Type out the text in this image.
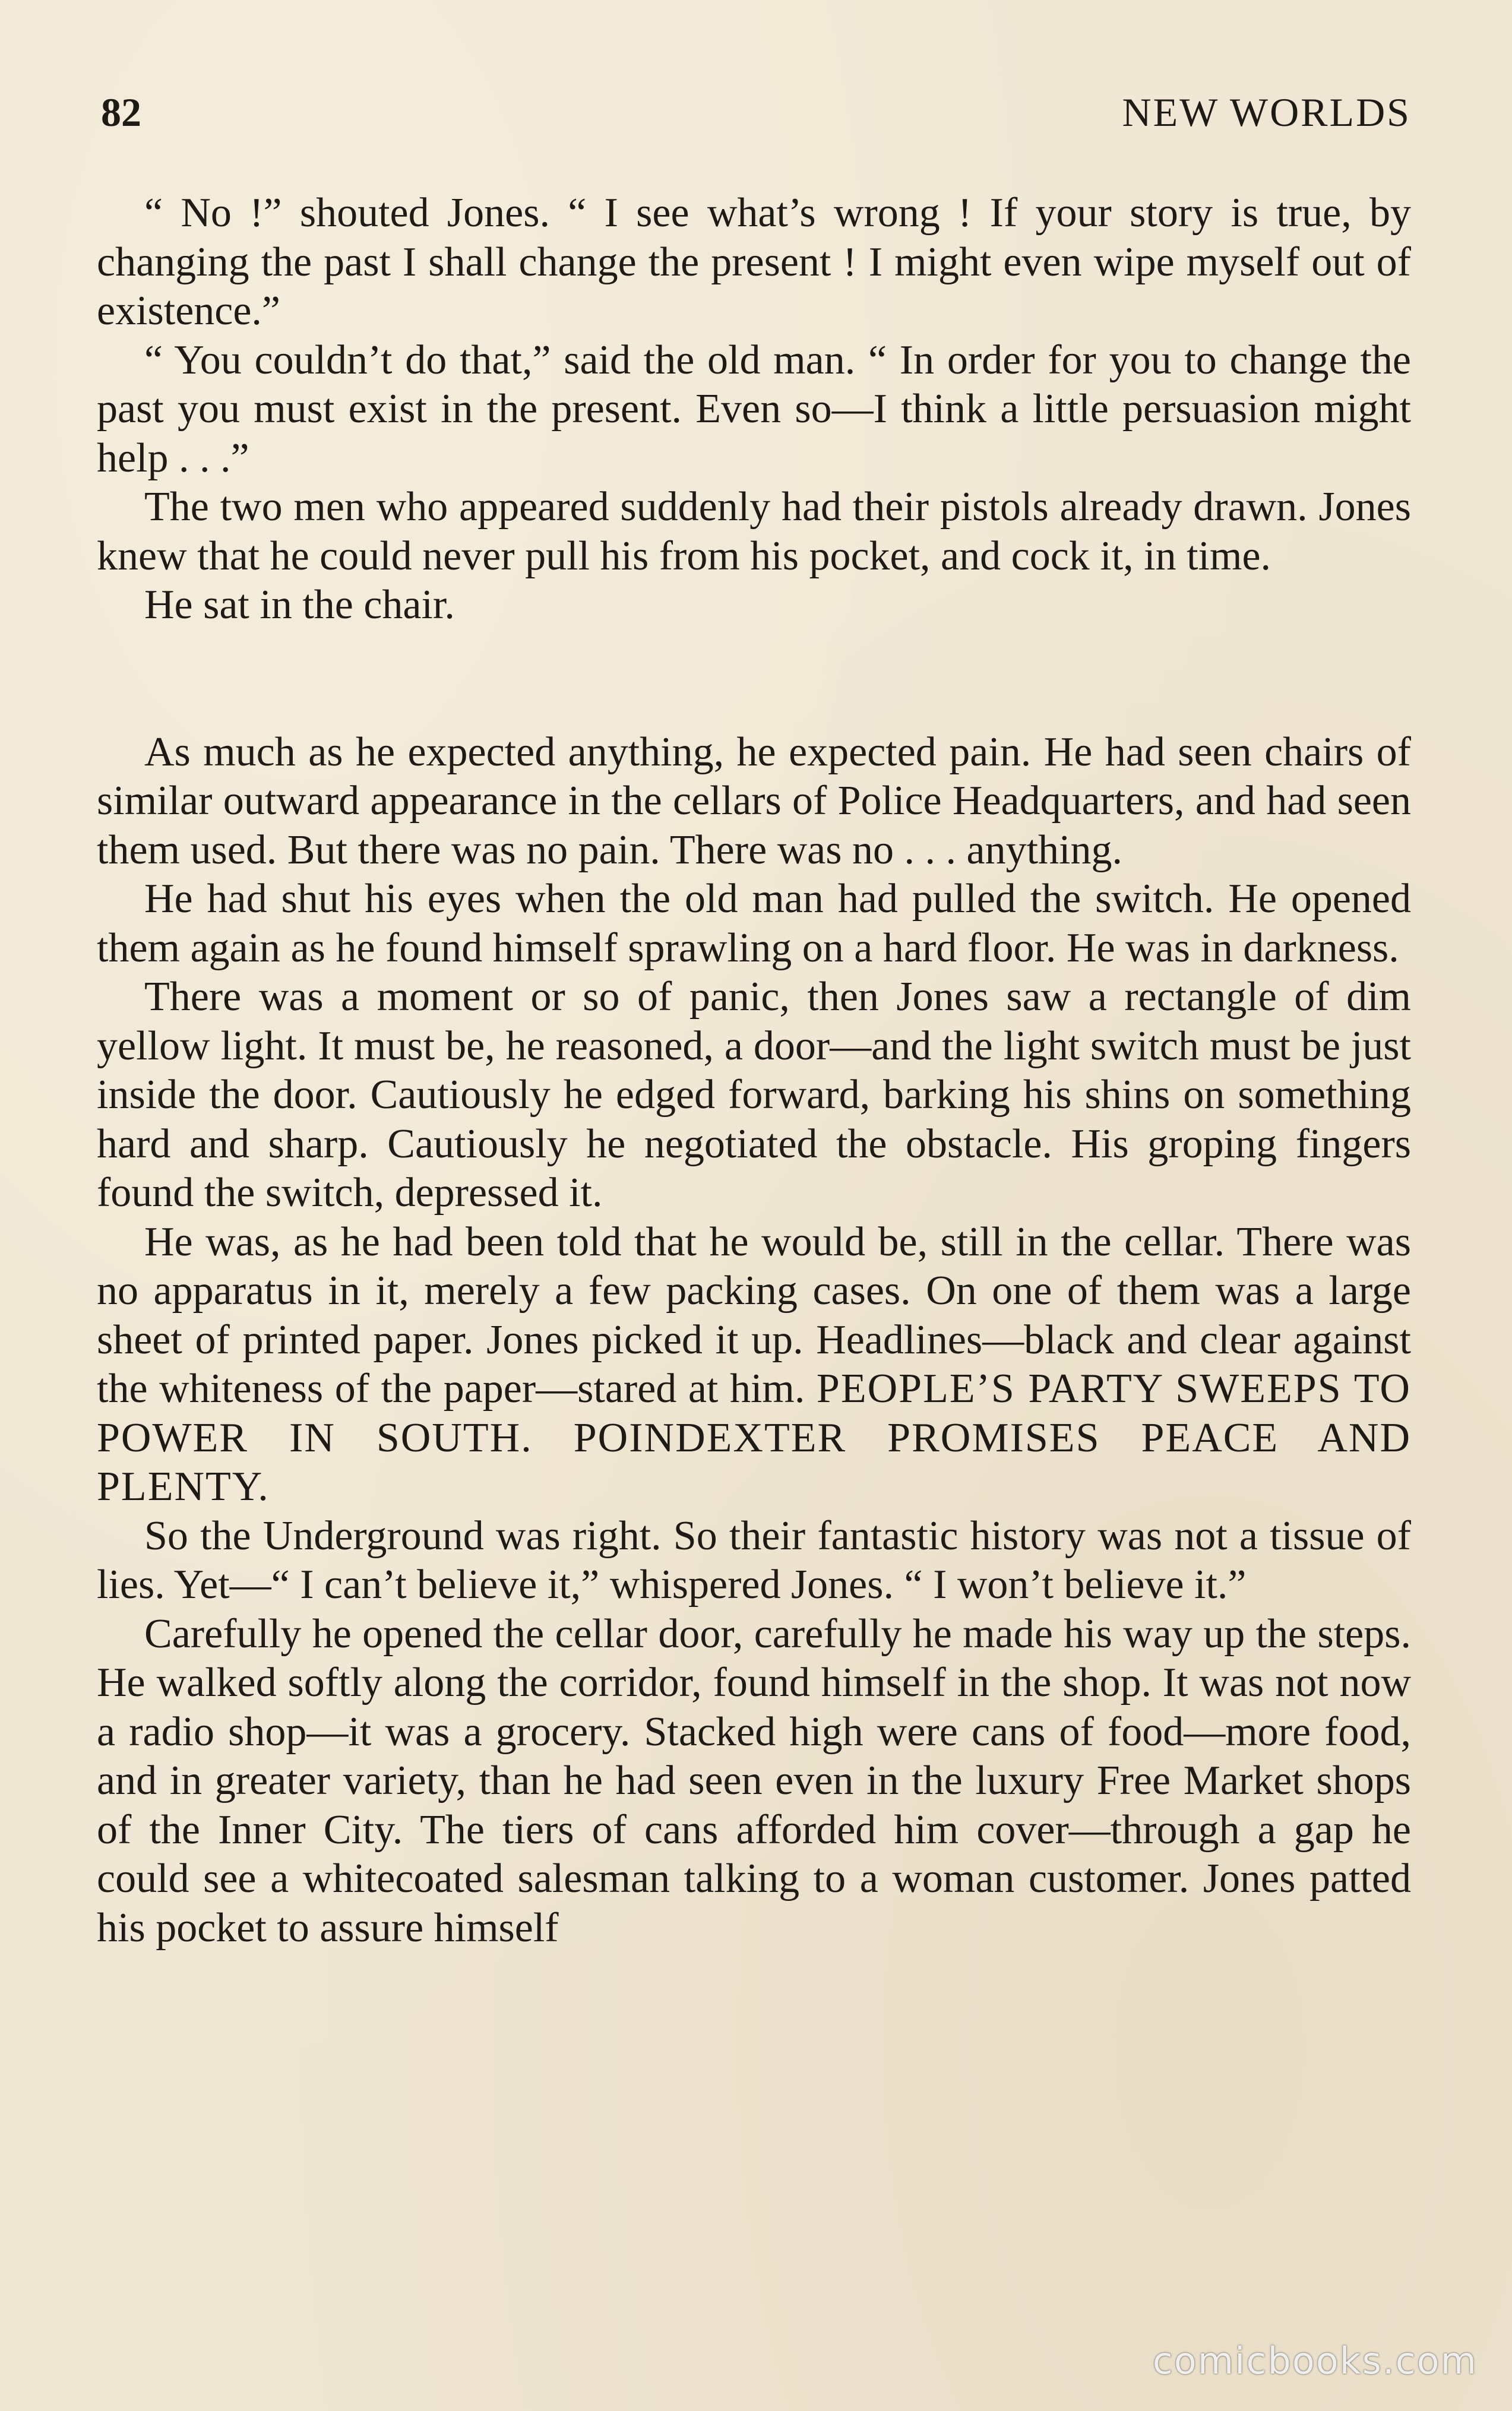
82	NEW WORLDS

“ No !” shouted Jones. “ I see what’s wrong ! If your story is true, by changing the past I shall change the present ! I might even wipe myself out of existence.”

“ You couldn’t do that,” said the old man. “ In order for you to change the past you must exist in the present. Even so—I think a little persuasion might help . . .”

The two men who appeared suddenly had their pistols already drawn. Jones knew that he could never pull his from his pocket, and cock it, in time.

He sat in the chair.

As much as he expected anything, he expected pain. He had seen chairs of similar outward appearance in the cellars of Police Headquarters, and had seen them used. But there was no pain. There was no . . . anything.

He had shut his eyes when the old man had pulled the switch. He opened them again as he found himself sprawling on a hard floor. He was in darkness.

There was a moment or so of panic, then Jones saw a rectangle of dim yellow light. It must be, he reasoned, a door—and the light switch must be just inside the door. Cautiously he edged forward, barking his shins on something hard and sharp. Cautiously he negotiated the obstacle. His groping fingers found the switch, depressed it.

He was, as he had been told that he would be, still in the cellar. There was no apparatus in it, merely a few packing cases. On one of them was a large sheet of printed paper. Jones picked it up. Headlines—black and clear against the whiteness of the paper—stared at him. PEOPLE’S PARTY SWEEPS TO POWER IN SOUTH. POINDEXTER PROMISES PEACE AND PLENTY.

So the Underground was right. So their fantastic history was not a tissue of lies. Yet—“ I can’t believe it,” whispered Jones. “ I won’t believe it.”

Carefully he opened the cellar door, carefully he made his way up the steps. He walked softly along the corridor, found himself in the shop. It was not now a radio shop—it was a grocery. Stacked high were cans of food—more food, and in greater variety, than he had seen even in the luxury Free Market shops of the Inner City. The tiers of cans afforded him cover—through a gap he could see a whitecoated salesman talking to a woman customer. Jones patted his pocket to assure himself

comicbooks.com
